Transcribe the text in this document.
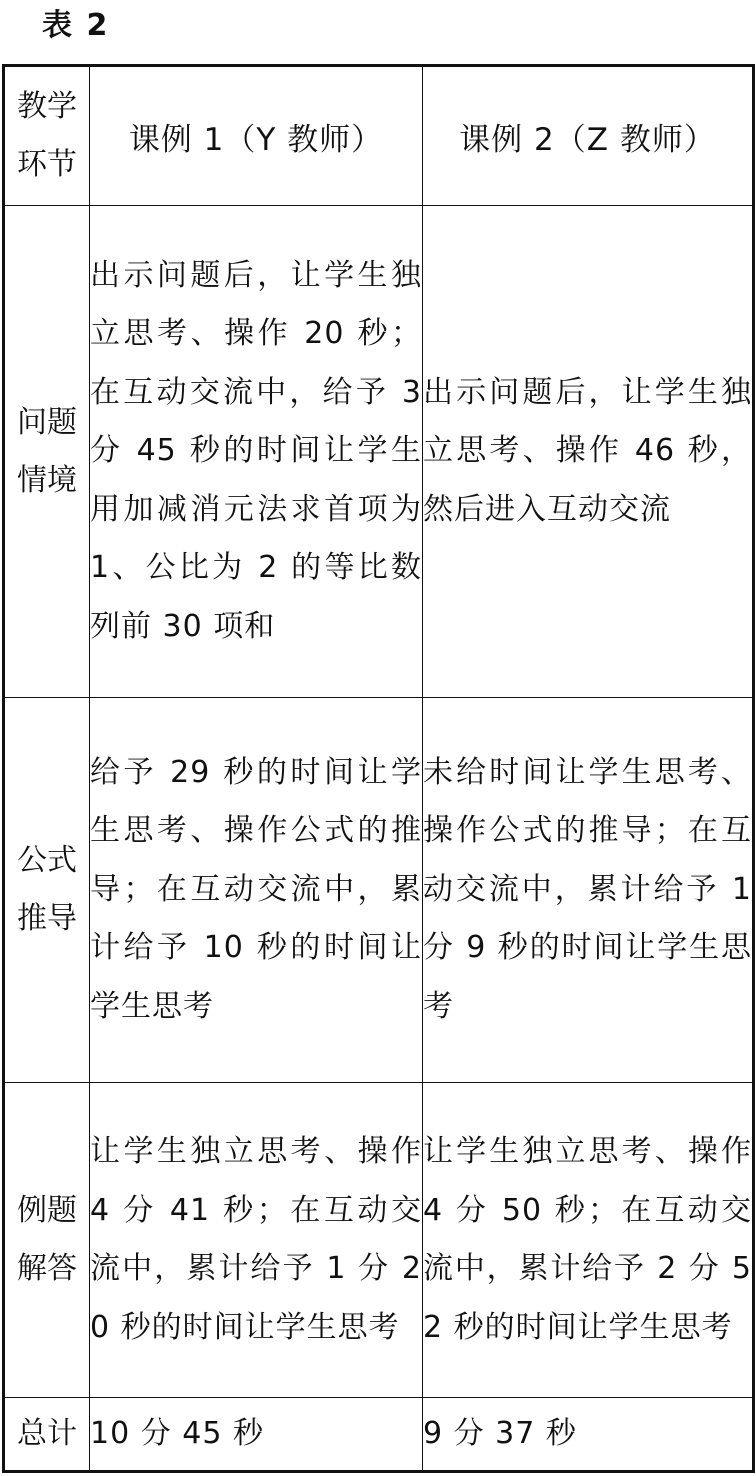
表 2
教学
环节	课例 1（Y 教师）	课例 2（Z 教师）

问题
情境	出示问题后，让学生独立思考、操作 20 秒；在互动交流中，给予 3 分 45 秒的时间让学生用加减消元法求首项为 1、公比为 2 的等比数列前 30 项和	出示问题后，让学生独立思考、操作 46 秒，然后进入互动交流

公式
推导	给予 29 秒的时间让学生思考、操作公式的推导；在互动交流中，累计给予 10 秒的时间让学生思考	未给时间让学生思考、操作公式的推导；在互动交流中，累计给予 1 分 9 秒的时间让学生思考

例题
解答	让学生独立思考、操作 4 分 41 秒；在互动交流中，累计给予 1 分 20 秒的时间让学生思考	让学生独立思考、操作 4 分 50 秒；在互动交流中，累计给予 2 分 52 秒的时间让学生思考

总计	10 分 45 秒	9 分 37 秒
